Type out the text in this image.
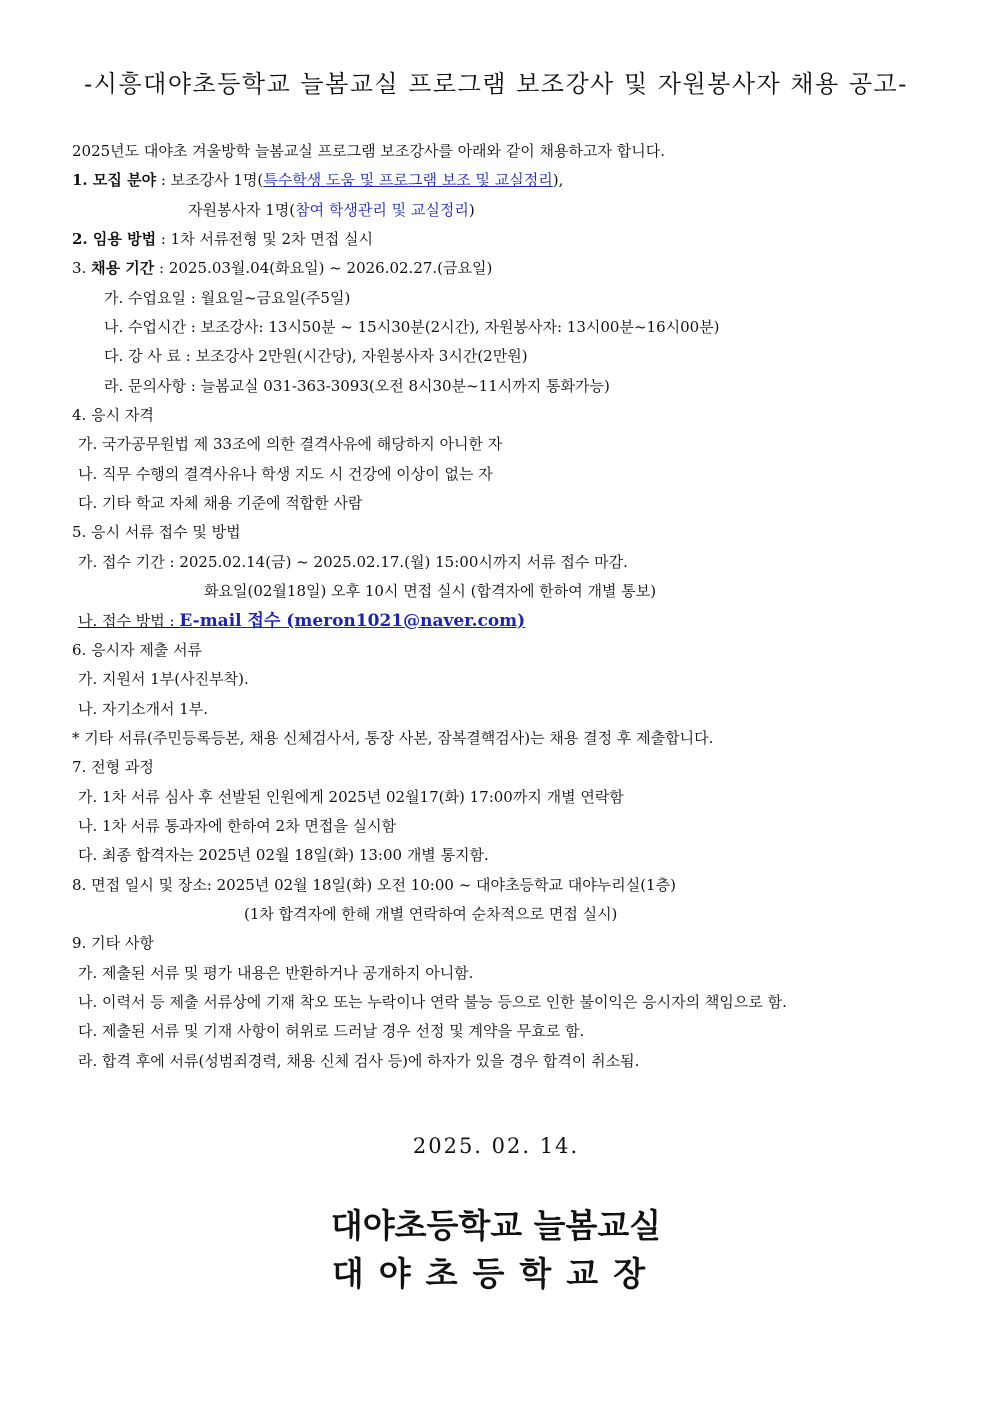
-시흥대야초등학교 늘봄교실 프로그램 보조강사 및 자원봉사자 채용 공고-
2025년도 대야초 겨울방학 늘봄교실 프로그램 보조강사를 아래와 같이 채용하고자 합니다.
1. 모집 분야 : 보조강사 1명(특수학생 도움 및 프로그램 보조 및 교실정리),
자원봉사자 1명(참여 학생관리 및 교실정리)
2. 임용 방법 : 1차 서류전형 및 2차 면접 실시
3. 채용 기간 : 2025.03월.04(화요일) ~ 2026.02.27.(금요일)
가. 수업요일 : 월요일~금요일(주5일)
나. 수업시간 : 보조강사: 13시50분 ~ 15시30분(2시간), 자원봉사자: 13시00분~16시00분)
다. 강 사 료 : 보조강사 2만원(시간당), 자원봉사자 3시간(2만원)
라. 문의사항 : 늘봄교실 031-363-3093(오전 8시30분~11시까지 통화가능)
4. 응시 자격
가. 국가공무원법 제 33조에 의한 결격사유에 해당하지 아니한 자
나. 직무 수행의 결격사유나 학생 지도 시 건강에 이상이 없는 자
다. 기타 학교 자체 채용 기준에 적합한 사람
5. 응시 서류 접수 및 방법
가. 접수 기간 : 2025.02.14(금) ~ 2025.02.17.(월) 15:00시까지 서류 접수 마감.
화요일(02월18일) 오후 10시 면접 실시 (합격자에 한하여 개별 통보)
나. 접수 방법 : E-mail 접수 (meron1021@naver.com)
6. 응시자 제출 서류
가. 지원서 1부(사진부착).
나. 자기소개서 1부.
* 기타 서류(주민등록등본, 채용 신체검사서, 통장 사본, 잠복결핵검사)는 채용 결정 후 제출합니다.
7. 전형 과정
가. 1차 서류 심사 후 선발된 인원에게 2025년 02월17(화) 17:00까지 개별 연락함
나. 1차 서류 통과자에 한하여 2차 면접을 실시함
다. 최종 합격자는 2025년 02월 18일(화) 13:00 개별 통지함.
8. 면접 일시 및 장소: 2025년 02월 18일(화) 오전 10:00 ~ 대야초등학교 대야누리실(1층)
(1차 합격자에 한해 개별 연락하여 순차적으로 면접 실시)
9. 기타 사항
가. 제출된 서류 및 평가 내용은 반환하거나 공개하지 아니함.
나. 이력서 등 제출 서류상에 기재 착오 또는 누락이나 연락 불능 등으로 인한 불이익은 응시자의 책임으로 함.
다. 제출된 서류 및 기재 사항이 허위로 드러날 경우 선정 및 계약을 무효로 함.
라. 합격 후에 서류(성범죄경력, 채용 신체 검사 등)에 하자가 있을 경우 합격이 취소됨.
2025. 02. 14.
대야초등학교 늘봄교실
대야초등학교장
